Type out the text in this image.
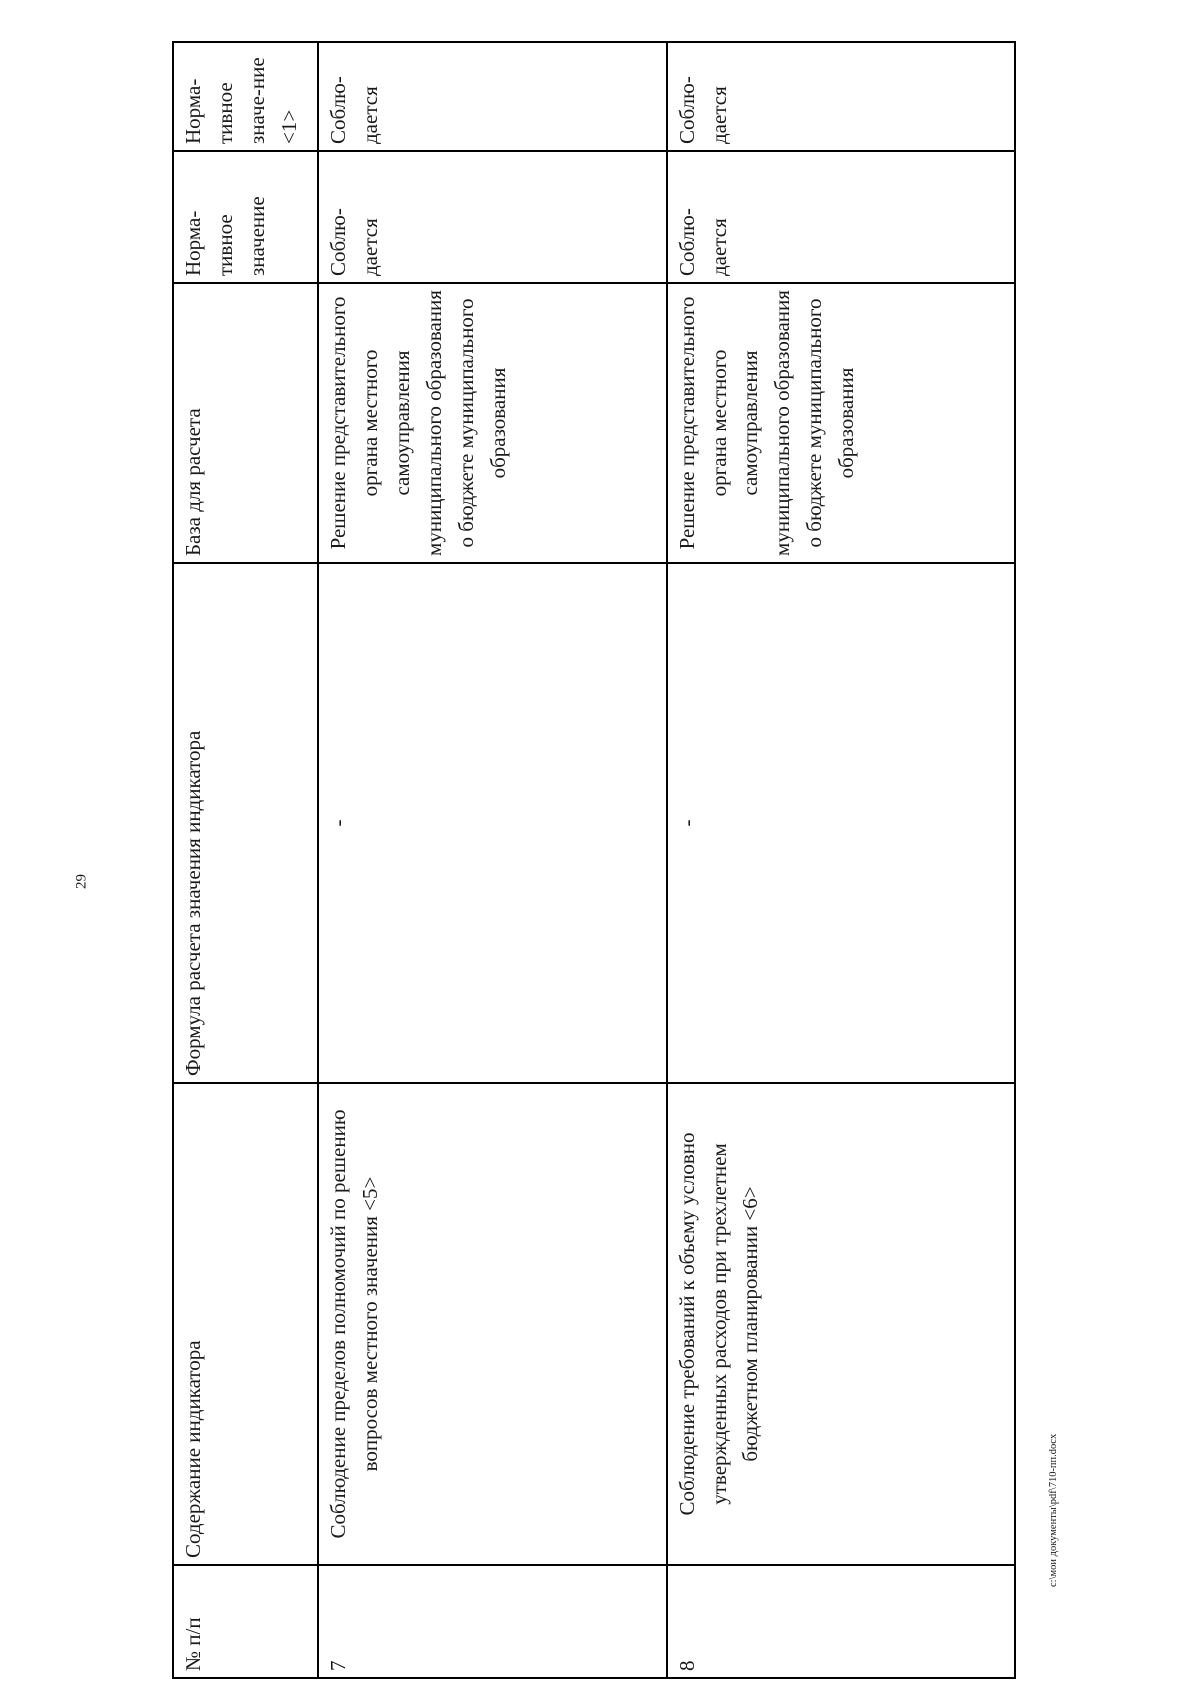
29
№ п/п	Содержание индикатора	Формула расчета значения индикатора	База для расчета	Норма-тивное значение	Норма-тивное значе-ние <1>
7	Соблюдение пределов полномочий по решению вопросов местного значения <5>	-	Решение представительного органа местного самоуправления муниципального образования о бюджете муниципального образования	Соблю-дается	Соблю-дается
8	Соблюдение требований к объему условно утвержденных расходов при трехлетнем бюджетном планировании <6>	-	Решение представительного органа местного самоуправления муниципального образования о бюджете муниципального образования	Соблю-дается	Соблю-дается
c:\мои документы\pdf\710-пп.docx
